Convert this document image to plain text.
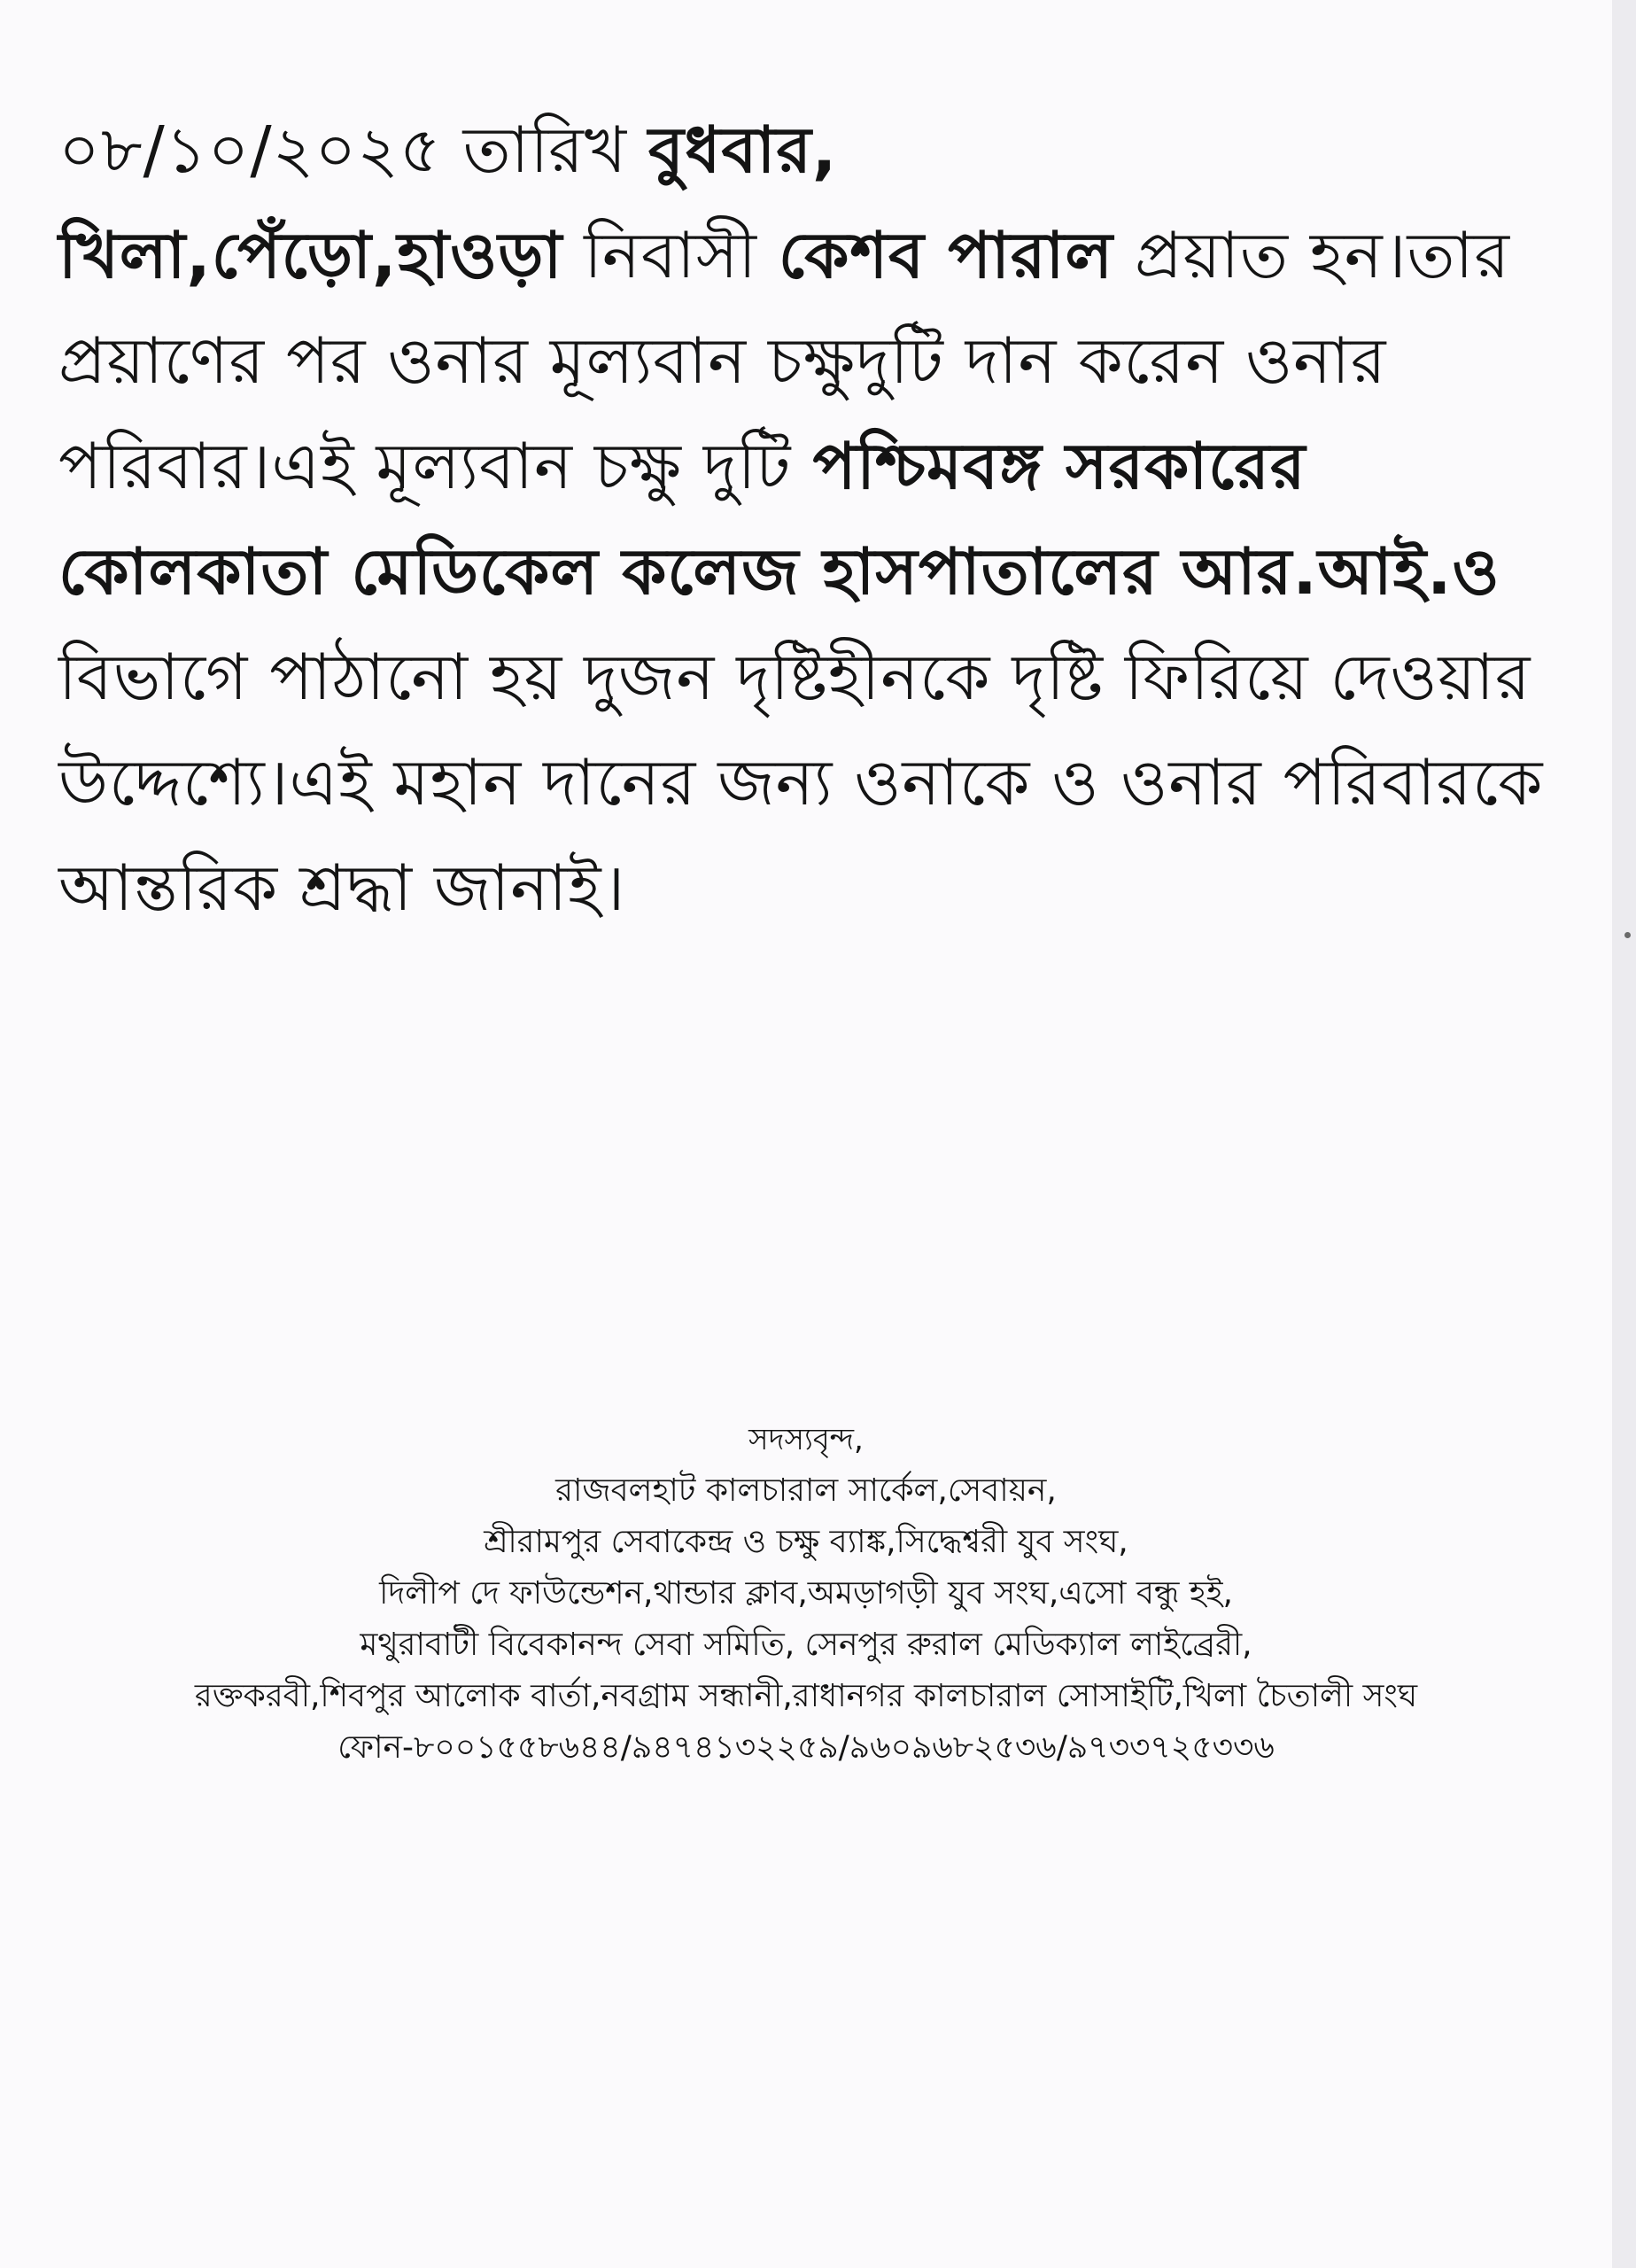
০৮/১০/২০২৫ তারিখ বুধবার,
খিলা,পেঁড়ো,হাওড়া নিবাসী কেশব পারাল প্রয়াত হন।তার প্রয়াণের পর ওনার মূল্যবান চক্ষুদুটি দান করেন ওনার পরিবার।এই মূল্যবান চক্ষু দুটি পশ্চিমবঙ্গ সরকারের কোলকাতা মেডিকেল কলেজ হাসপাতালের আর.আই.ও বিভাগে পাঠানো হয় দুজন দৃষ্টিহীনকে দৃষ্টি ফিরিয়ে দেওয়ার উদ্দেশ্যে।এই মহান দানের জন্য ওনাকে ও ওনার পরিবারকে আন্তরিক শ্রদ্ধা জানাই।

সদস্যবৃন্দ,
রাজবলহাট কালচারাল সার্কেল,সেবায়ন,
শ্রীরামপুর সেবাকেন্দ্র ও চক্ষু ব্যাঙ্ক,সিদ্ধেশ্বরী যুব সংঘ,
দিলীপ দে ফাউন্ডেশন,থান্ডার ক্লাব,অমড়াগড়ী যুব সংঘ,এসো বন্ধু হই,
মথুরাবাটী বিবেকানন্দ সেবা সমিতি, সেনপুর রুরাল মেডিক্যাল লাইব্রেরী,
রক্তকরবী,শিবপুর আলোক বার্তা,নবগ্রাম সন্ধানী,রাধানগর কালচারাল সোসাইটি,খিলা চৈতালী সংঘ
ফোন-৮০০১৫৫৮৬৪৪/৯৪৭৪১৩২২৫৯/৯৬০৯৬৮২৫৩৬/৯৭৩৩৭২৫৩৩৬
